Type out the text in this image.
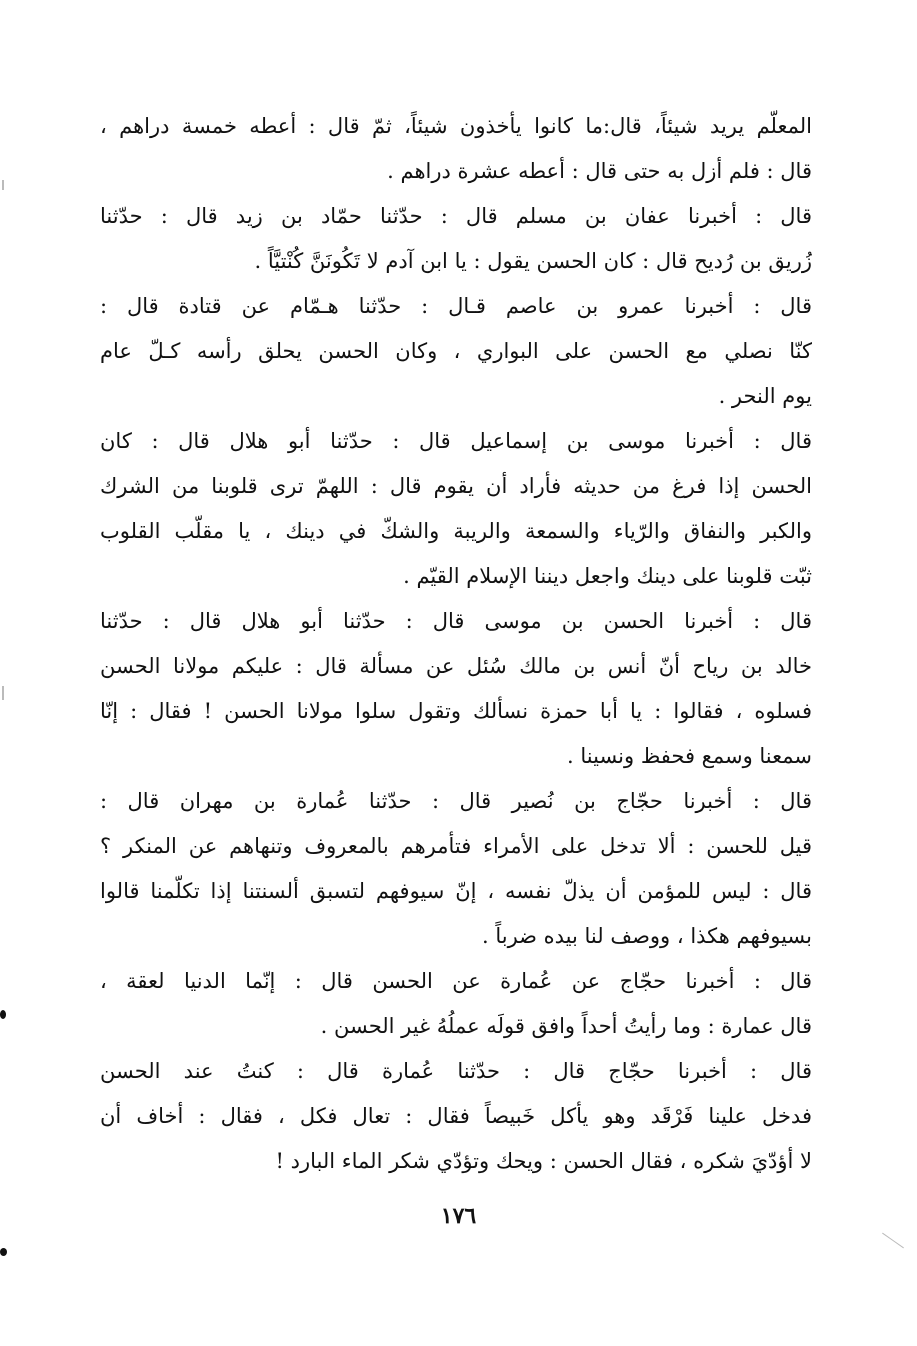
المعلّم يريد شيئاً، قال:ما كانوا يأخذون شيئاً، ثمّ قال : أعطه خمسة دراهم ،
قال : فلم أزل به حتى قال : أعطه عشرة دراهم .
قال : أخبرنا عفان بن مسلم قال : حدّثنا حمّاد بن زيد قال : حدّثنا
زُريق بن رُديح قال : كان الحسن يقول : يا ابن آدم لا تَكُونَنَّ كُنْتيَّاً .
قال : أخبرنا عمرو بن عاصم قـال : حدّثنا هـمّام عن قتادة قال :
كنّا نصلي مع الحسن على البواري ، وكان الحسن يحلق رأسه كـلّ عام
يوم النحر .
قال : أخبرنا موسى بن إسماعيل قال : حدّثنا أبو هلال قال : كان
الحسن إذا فرغ من حديثه فأراد أن يقوم قال : اللهمّ ترى قلوبنا من الشرك
والكبر والنفاق والرّياء والسمعة والريبة والشكّ في دينك ، يا مقلّب القلوب
ثبّت قلوبنا على دينك واجعل ديننا الإسلام القيّم .
قال : أخبرنا الحسن بن موسى قال : حدّثنا أبو هلال قال : حدّثنا
خالد بن رياح أنّ أنس بن مالك سُئل عن مسألة قال : عليكم مولانا الحسن
فسلوه ، فقالوا : يا أبا حمزة نسألك وتقول سلوا مولانا الحسن ! فقال : إنّا
سمعنا وسمع فحفظ ونسينا .
قال : أخبرنا حجّاج بن نُصير قال : حدّثنا عُمارة بن مهران قال :
قيل للحسن : ألا تدخل على الأمراء فتأمرهم بالمعروف وتنهاهم عن المنكر ؟
قال : ليس للمؤمن أن يذلّ نفسه ، إنّ سيوفهم لتسبق ألسنتنا إذا تكلّمنا قالوا
بسيوفهم هكذا ، ووصف لنا بيده ضرباً .
قال : أخبرنا حجّاج عن عُمارة عن الحسن قال : إنّما الدنيا لعقة ،
قال عمارة : وما رأيتُ أحداً وافق قولَه عملُهُ غير الحسن .
قال : أخبرنا حجّاج قال : حدّثنا عُمارة قال : كنتُ عند الحسن
فدخل علينا فَرْقَد وهو يأكل خَبيصاً فقال : تعال فكل ، فقال : أخاف أن
لا أؤدّيَ شكره ، فقال الحسن : ويحك وتؤدّي شكر الماء البارد !
١٧٦
